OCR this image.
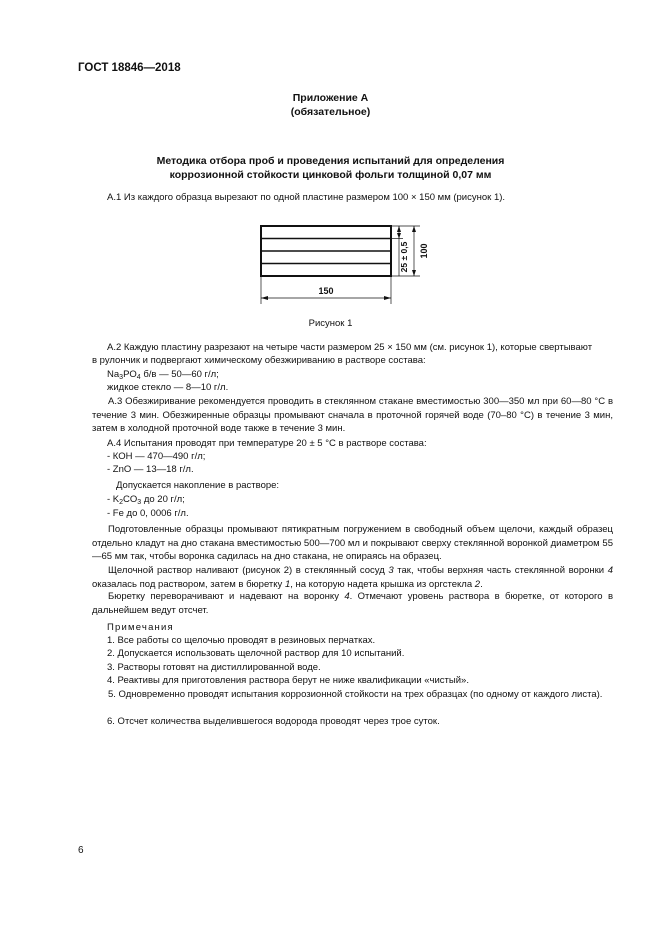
ГОСТ 18846—2018
Приложение А
(обязательное)
Методика отбора проб и проведения испытаний для определения
коррозионной стойкости цинковой фольги толщиной 0,07 мм

А.1 Из каждого образца вырезают по одной пластине размером 100 × 150 мм (рисунок 1).

150
25 ± 0,5 100
Рисунок 1

А.2 Каждую пластину разрезают на четыре части размером 25 × 150 мм (см. рисунок 1), которые свертывают

в рулончик и подвергают химическому обезжириванию в растворе состава:

$Na_3PO_4$ б/в — 50—60 г/л;

жидкое стекло — 8—10 г/л.

А.3 Обезжиривание рекомендуется проводить в стеклянном стакане вместимостью 300—350 мл при 60—80 °С в течение 3 мин. Обезжиренные образцы промывают сначала в проточной горячей воде (70–80 °С) в течение 3 мин, затем в холодной проточной воде также в течение 3 мин.

А.4 Испытания проводят при температуре 20 ± 5 °С в растворе состава:

- КОН — 470—490 г/л;

- ZnO — 13—18 г/л.

Допускается накопление в растворе:

- $K_2CO_3$ до 20 г/л;

- Fe до 0, 0006 г/л.

Подготовленные образцы промывают пятикратным погружением в свободный объем щелочи, каждый образец отдельно кладут на дно стакана вместимостью 500—700 мл и покрывают сверху стеклянной воронкой диаметром 55—65 мм так, чтобы воронка садилась на дно стакана, не опираясь на образец.

Щелочной раствор наливают (рисунок 2) в стеклянный сосуд 3 так, чтобы верхняя часть стеклянной воронки 4 оказалась под раствором, затем в бюретку 1, на которую надета крышка из оргстекла 2.

Бюретку переворачивают и надевают на воронку 4. Отмечают уровень раствора в бюретке, от которого в дальнейшем ведут отсчет.

Примечания

1. Все работы со щелочью проводят в резиновых перчатках.

2. Допускается использовать щелочной раствор для 10 испытаний.

3. Растворы готовят на дистиллированной воде.

4. Реактивы для приготовления раствора берут не ниже квалификации «чистый».

5. Одновременно проводят испытания коррозионной стойкости на трех образцах (по одному от каждого листа).

6. Отсчет количества выделившегося водорода проводят через трое суток.

6
